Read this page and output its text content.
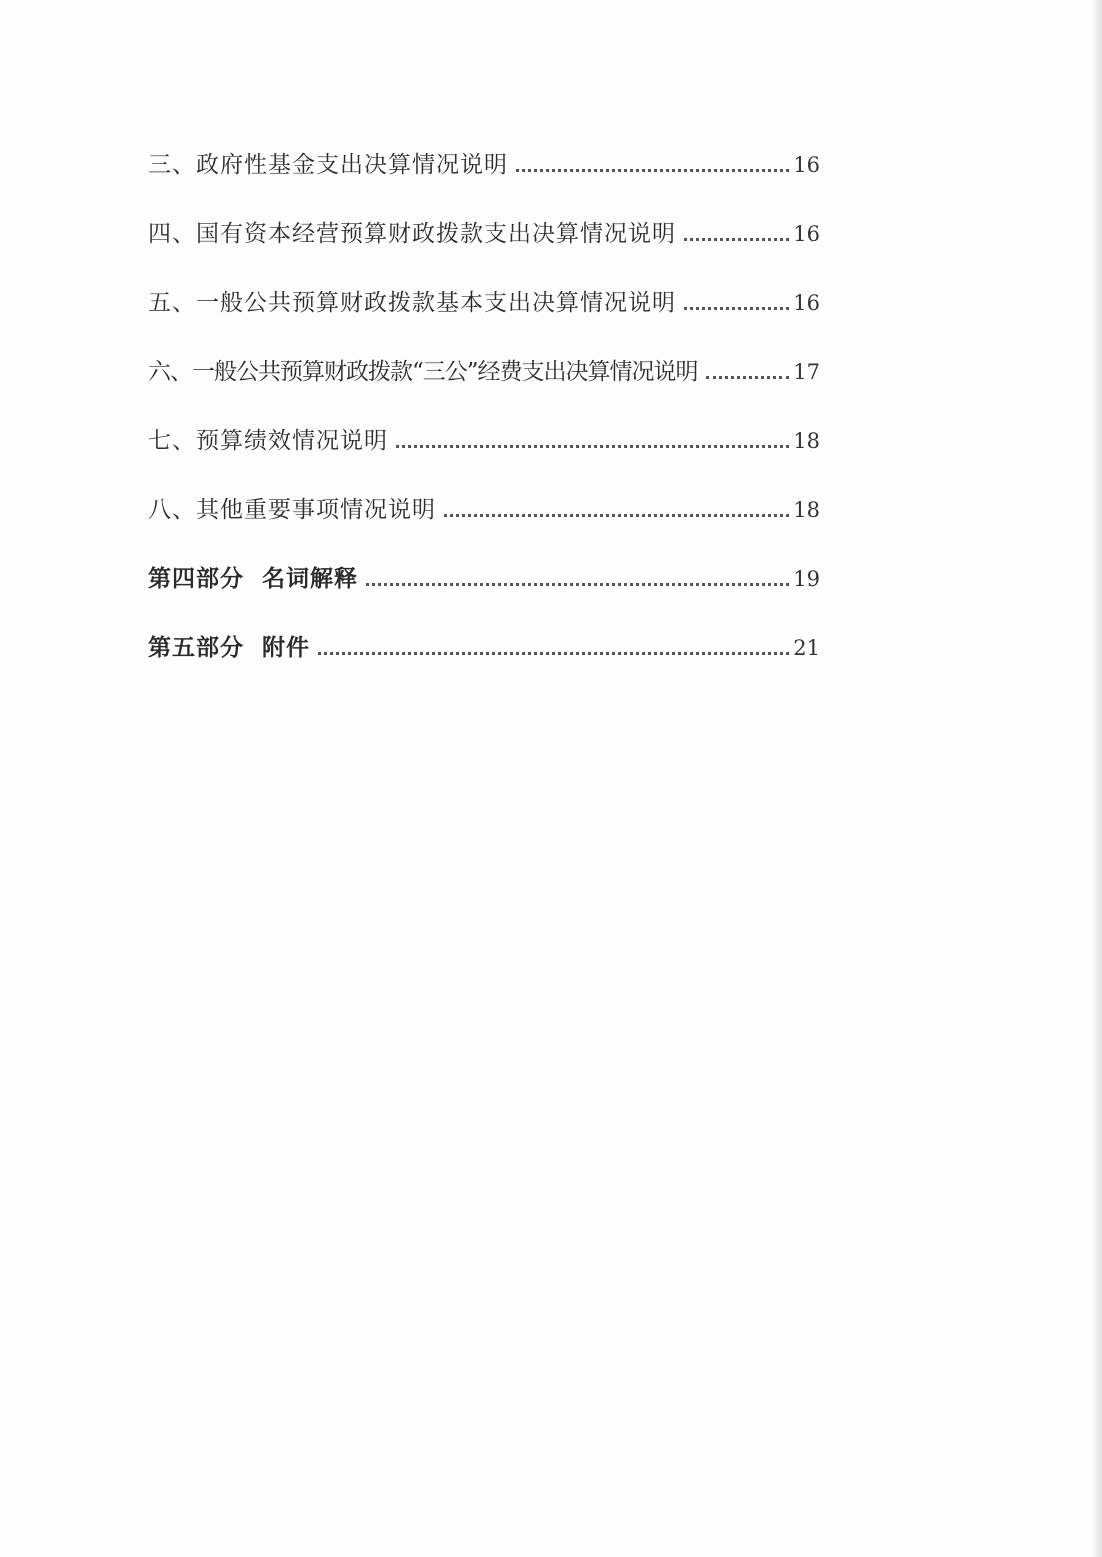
三、政府性基金支出决算情况说明	16
四、国有资本经营预算财政拨款支出决算情况说明	16
五、一般公共预算财政拨款基本支出决算情况说明	16
六、一般公共预算财政拨款“三公”经费支出决算情况说明	17
七、预算绩效情况说明	18
八、其他重要事项情况说明	18
第四部分  名词解释	19
第五部分  附件	21
